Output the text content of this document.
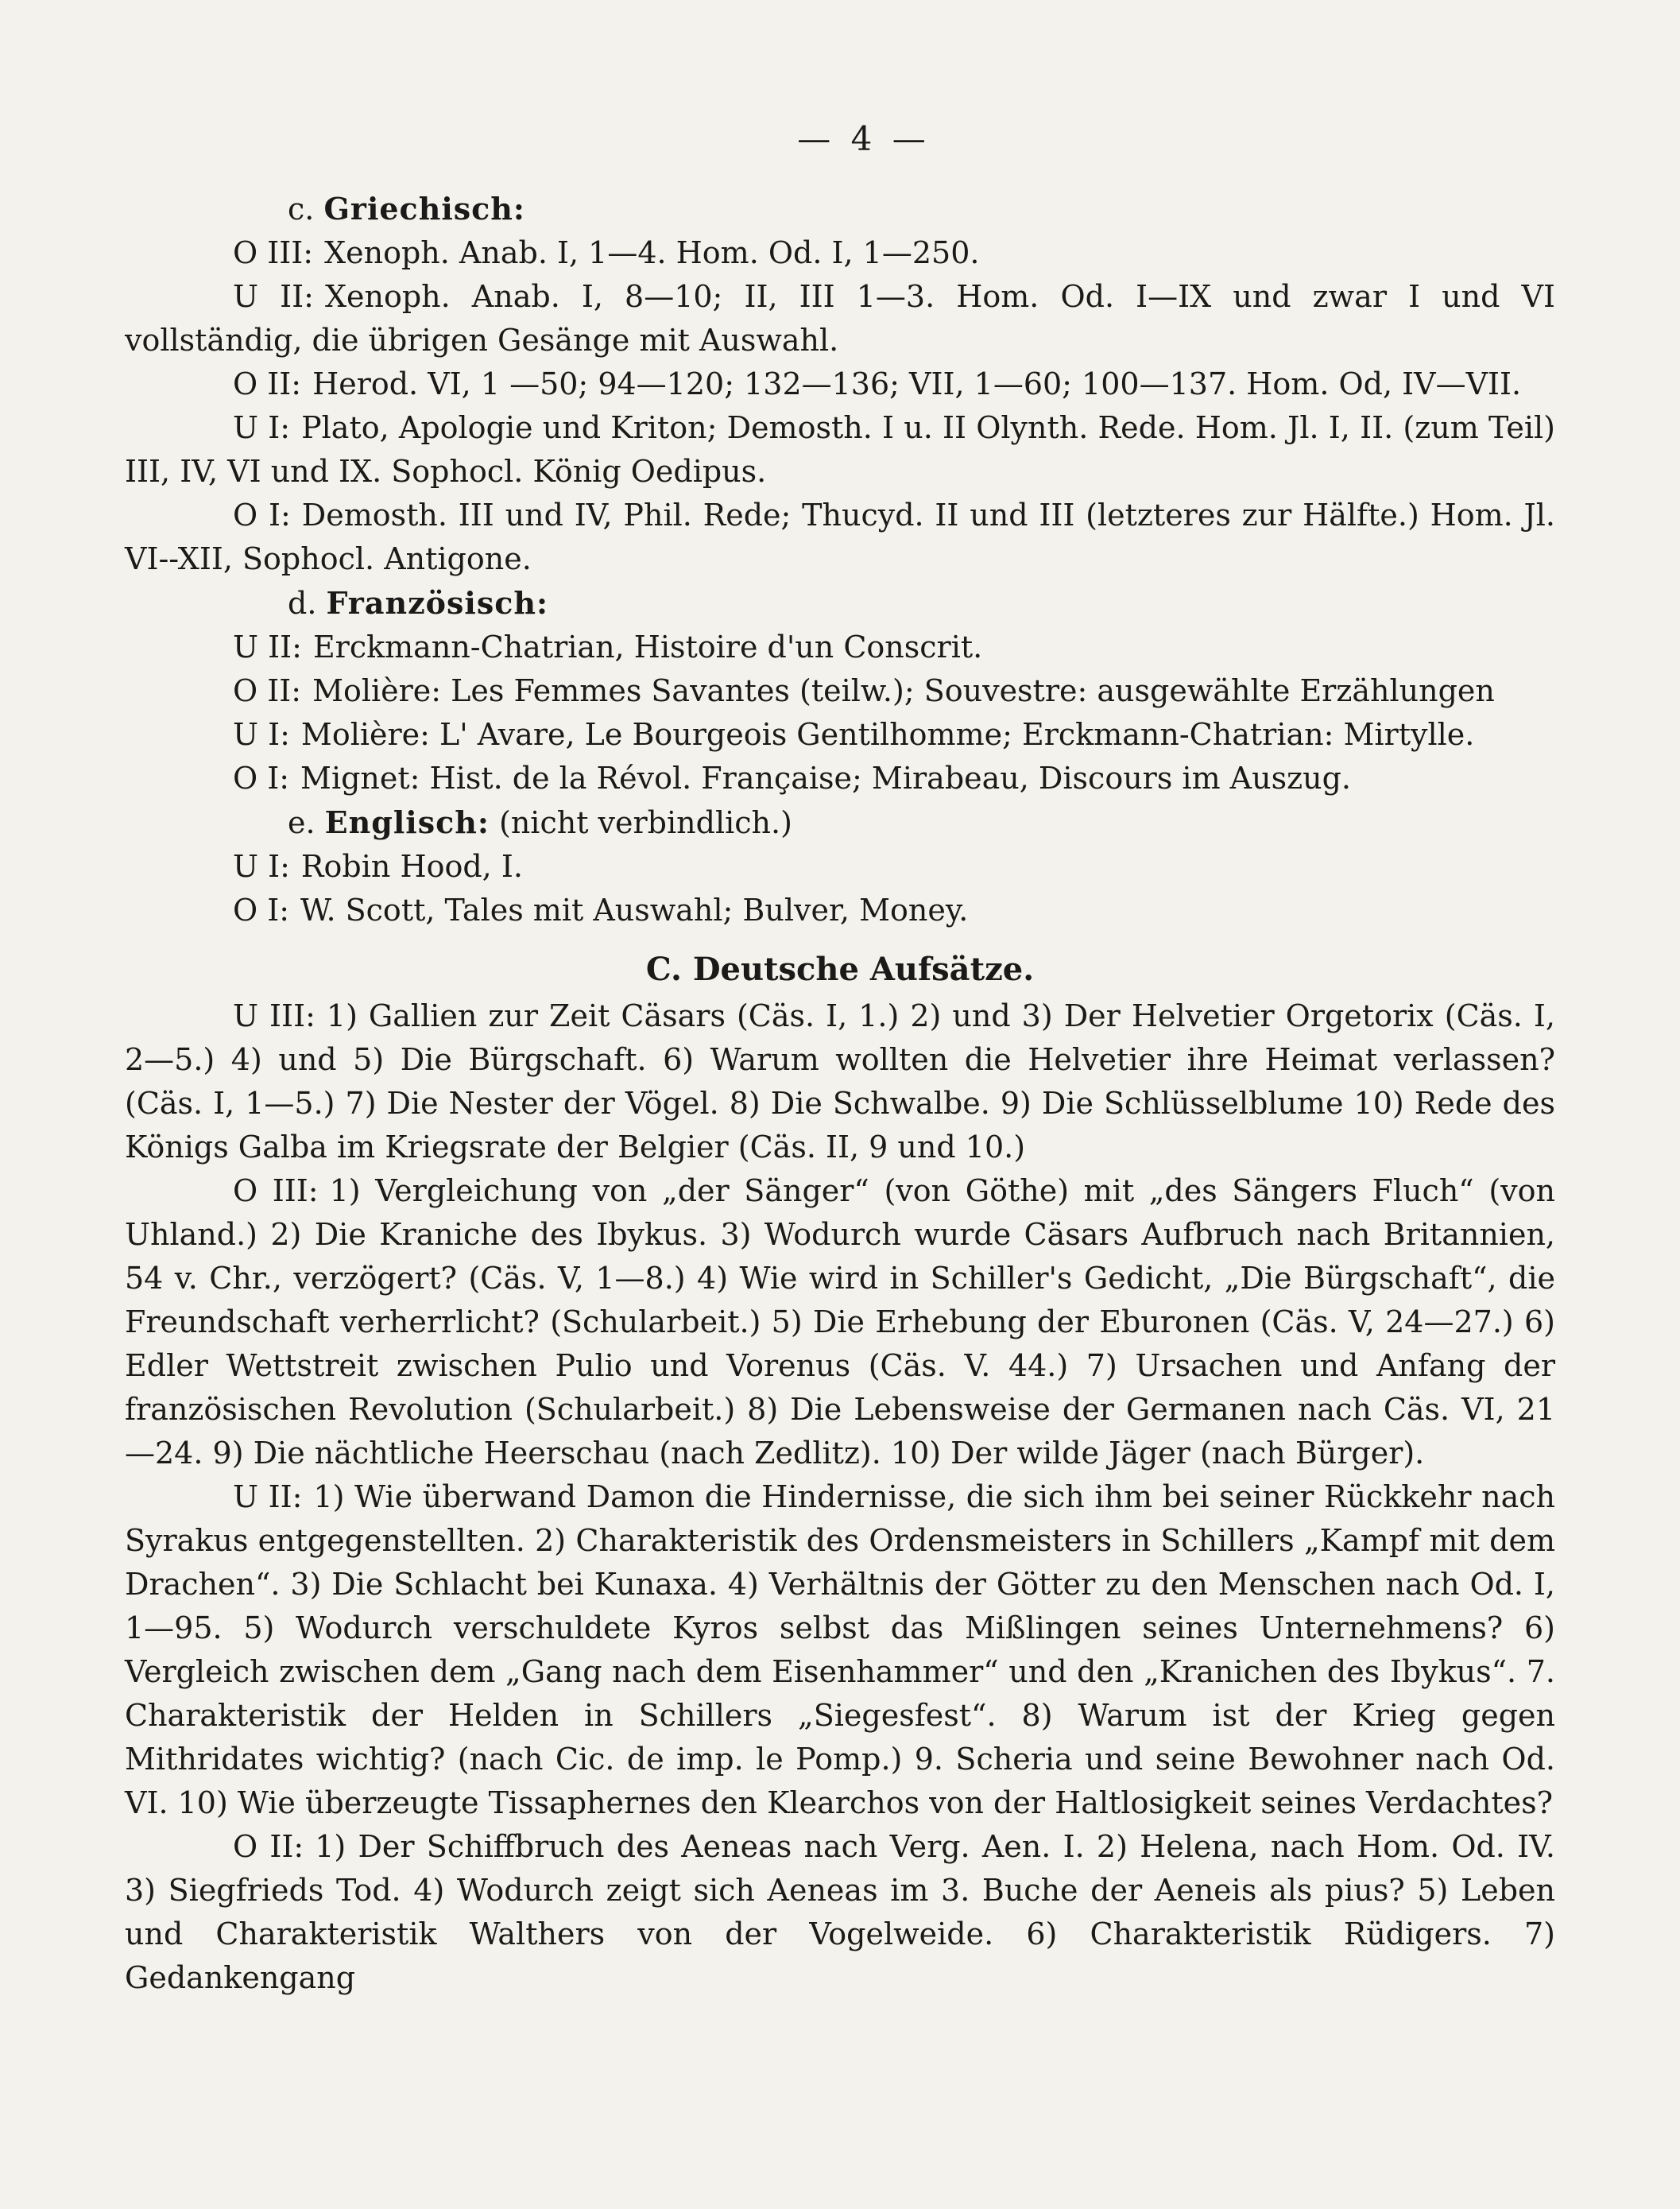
— 4 —

c. Griechisch:

O III: Xenoph. Anab. I, 1—4. Hom. Od. I, 1—250.

U II: Xenoph. Anab. I, 8—10; II, III 1—3. Hom. Od. I—IX und zwar I und VI vollständig, die übrigen Gesänge mit Auswahl.

O II: Herod. VI, 1 —50; 94—120; 132—136; VII, 1—60; 100—137. Hom. Od, IV—VII.

U I: Plato, Apologie und Kriton; Demosth. I u. II Olynth. Rede. Hom. Jl. I, II. (zum Teil) III, IV, VI und IX. Sophocl. König Oedipus.

O I: Demosth. III und IV, Phil. Rede; Thucyd. II und III (letzteres zur Hälfte.) Hom. Jl. VI--XII, Sophocl. Antigone.

d. Französisch:

U II: Erckmann-Chatrian, Histoire d'un Conscrit.

O II: Molière: Les Femmes Savantes (teilw.); Souvestre: ausgewählte Erzählungen

U I: Molière: L' Avare, Le Bourgeois Gentilhomme; Erckmann-Chatrian: Mirtylle.

O I: Mignet: Hist. de la Révol. Française; Mirabeau, Discours im Auszug.

e. Englisch: (nicht verbindlich.)

U I: Robin Hood, I.

O I: W. Scott, Tales mit Auswahl; Bulver, Money.

C. Deutsche Aufsätze.

U III: 1) Gallien zur Zeit Cäsars (Cäs. I, 1.) 2) und 3) Der Helvetier Orgetorix (Cäs. I, 2—5.) 4) und 5) Die Bürgschaft. 6) Warum wollten die Helvetier ihre Heimat verlassen? (Cäs. I, 1—5.) 7) Die Nester der Vögel. 8) Die Schwalbe. 9) Die Schlüsselblume 10) Rede des Königs Galba im Kriegsrate der Belgier (Cäs. II, 9 und 10.)

O III: 1) Vergleichung von „der Sänger“ (von Göthe) mit „des Sängers Fluch“ (von Uhland.) 2) Die Kraniche des Ibykus. 3) Wodurch wurde Cäsars Aufbruch nach Britannien, 54 v. Chr., verzögert? (Cäs. V, 1—8.) 4) Wie wird in Schiller's Gedicht, „Die Bürgschaft“, die Freundschaft verherrlicht? (Schularbeit.) 5) Die Erhebung der Eburonen (Cäs. V, 24—27.) 6) Edler Wettstreit zwischen Pulio und Vorenus (Cäs. V. 44.) 7) Ursachen und Anfang der französischen Revolution (Schularbeit.) 8) Die Lebensweise der Germanen nach Cäs. VI, 21—24. 9) Die nächtliche Heerschau (nach Zedlitz). 10) Der wilde Jäger (nach Bürger).

U II: 1) Wie überwand Damon die Hindernisse, die sich ihm bei seiner Rückkehr nach Syrakus entgegenstellten. 2) Charakteristik des Ordensmeisters in Schillers „Kampf mit dem Drachen“. 3) Die Schlacht bei Kunaxa. 4) Verhältnis der Götter zu den Menschen nach Od. I, 1—95. 5) Wodurch verschuldete Kyros selbst das Mißlingen seines Unternehmens? 6) Vergleich zwischen dem „Gang nach dem Eisenhammer“ und den „Kranichen des Ibykus“. 7. Charakteristik der Helden in Schillers „Siegesfest“. 8) Warum ist der Krieg gegen Mithridates wichtig? (nach Cic. de imp. le Pomp.) 9. Scheria und seine Bewohner nach Od. VI. 10) Wie überzeugte Tissaphernes den Klearchos von der Haltlosigkeit seines Verdachtes?

O II: 1) Der Schiffbruch des Aeneas nach Verg. Aen. I. 2) Helena, nach Hom. Od. IV. 3) Siegfrieds Tod. 4) Wodurch zeigt sich Aeneas im 3. Buche der Aeneis als pius? 5) Leben und Charakteristik Walthers von der Vogelweide. 6) Charakteristik Rüdigers. 7) Gedankengang
